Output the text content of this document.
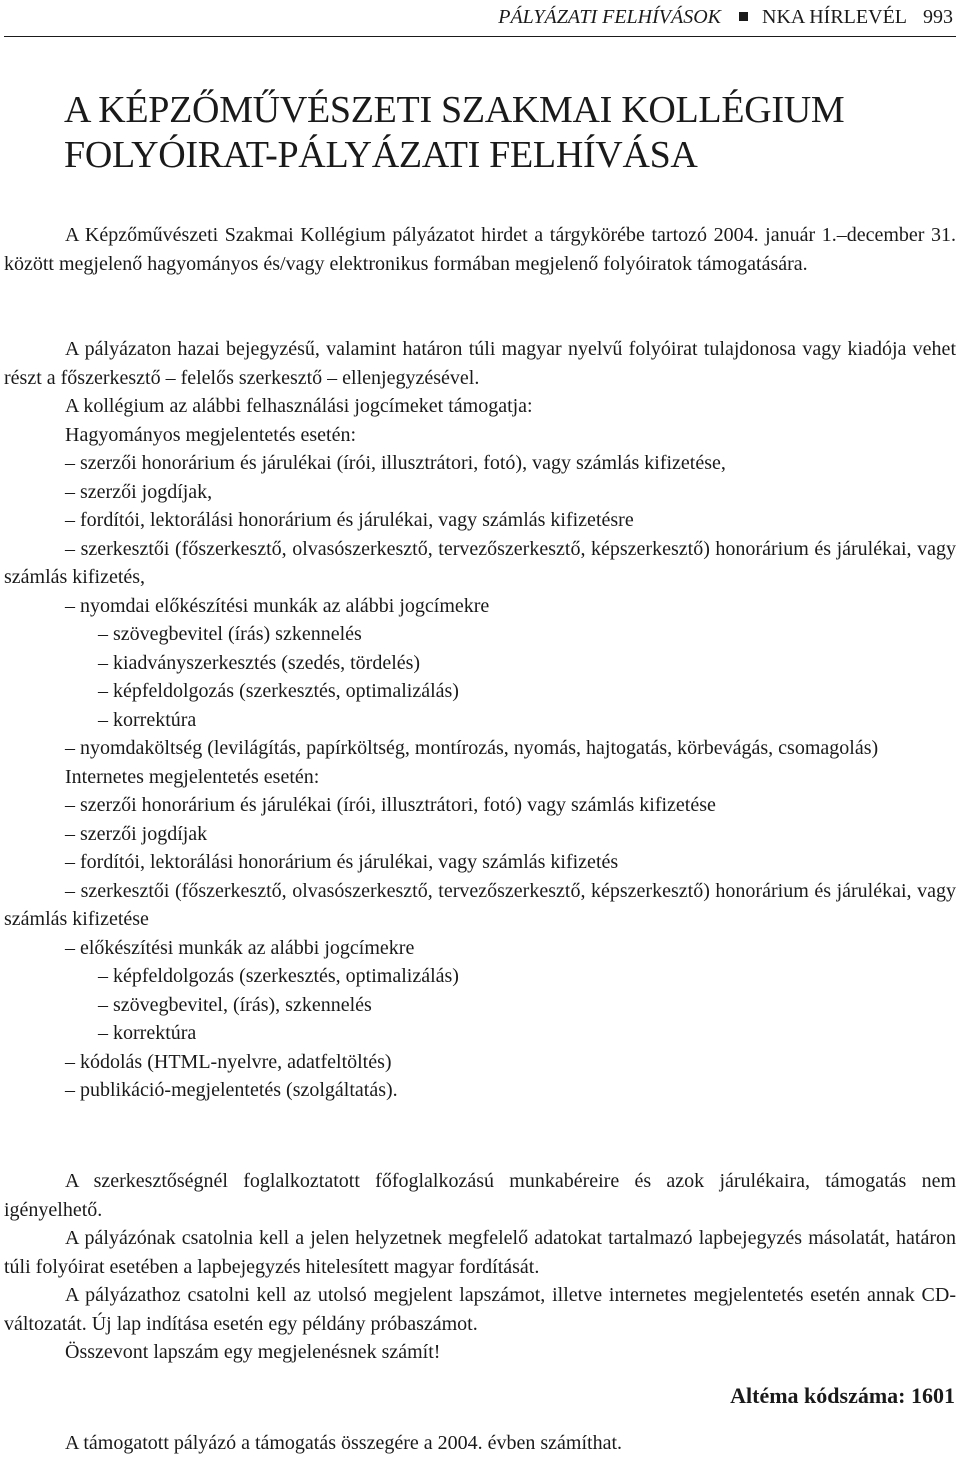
PÁLYÁZATI FELHÍVÁSOK NKA HÍRLEVÉL 993
A KÉPZŐMŰVÉSZETI SZAKMAI KOLLÉGIUM
FOLYÓIRAT-PÁLYÁZATI FELHÍVÁSA

A Képzőművészeti Szakmai Kollégium pályázatot hirdet a tárgykörébe tartozó 2004. január 1.–december 31. között megjelenő hagyományos és/vagy elektronikus formában megjelenő folyóiratok támogatására.

A pályázaton hazai bejegyzésű, valamint határon túli magyar nyelvű folyóirat tulajdonosa vagy kiadója vehet részt a főszerkesztő – felelős szerkesztő – ellenjegyzésével.

A kollégium az alábbi felhasználási jogcímeket támogatja:

Hagyományos megjelentetés esetén:

– szerzői honorárium és járulékai (írói, illusztrátori, fotó), vagy számlás kifizetése,

– szerzői jogdíjak,

– fordítói, lektorálási honorárium és járulékai, vagy számlás kifizetésre

– szerkesztői (főszerkesztő, olvasószerkesztő, tervezőszerkesztő, képszerkesztő) honorárium és járulékai, vagy számlás kifizetés,

– nyomdai előkészítési munkák az alábbi jogcímekre

– szövegbevitel (írás) szkennelés

– kiadványszerkesztés (szedés, tördelés)

– képfeldolgozás (szerkesztés, optimalizálás)

– korrektúra

– nyomdaköltség (levilágítás, papírköltség, montírozás, nyomás, hajtogatás, körbevágás, csomagolás)

Internetes megjelentetés esetén:

– szerzői honorárium és járulékai (írói, illusztrátori, fotó) vagy számlás kifizetése

– szerzői jogdíjak

– fordítói, lektorálási honorárium és járulékai, vagy számlás kifizetés

– szerkesztői (főszerkesztő, olvasószerkesztő, tervezőszerkesztő, képszerkesztő) honorárium és járulékai, vagy számlás kifizetése

– előkészítési munkák az alábbi jogcímekre

– képfeldolgozás (szerkesztés, optimalizálás)

– szövegbevitel, (írás), szkennelés

– korrektúra

– kódolás (HTML-nyelvre, adatfeltöltés)

– publikáció-megjelentetés (szolgáltatás).

A szerkesztőségnél foglalkoztatott főfoglalkozású munkabéreire és azok járulékaira, támogatás nem igényelhető.

A pályázónak csatolnia kell a jelen helyzetnek megfelelő adatokat tartalmazó lapbejegyzés másolatát, határon túli folyóirat esetében a lapbejegyzés hitelesített magyar fordítását.

A pályázathoz csatolni kell az utolsó megjelent lapszámot, illetve internetes megjelentetés esetén annak CD-változatát. Új lap indítása esetén egy példány próbaszámot.

Összevont lapszám egy megjelenésnek számít!

Altéma kódszáma: 1601
A támogatott pályázó a támogatás összegére a 2004. évben számíthat.
